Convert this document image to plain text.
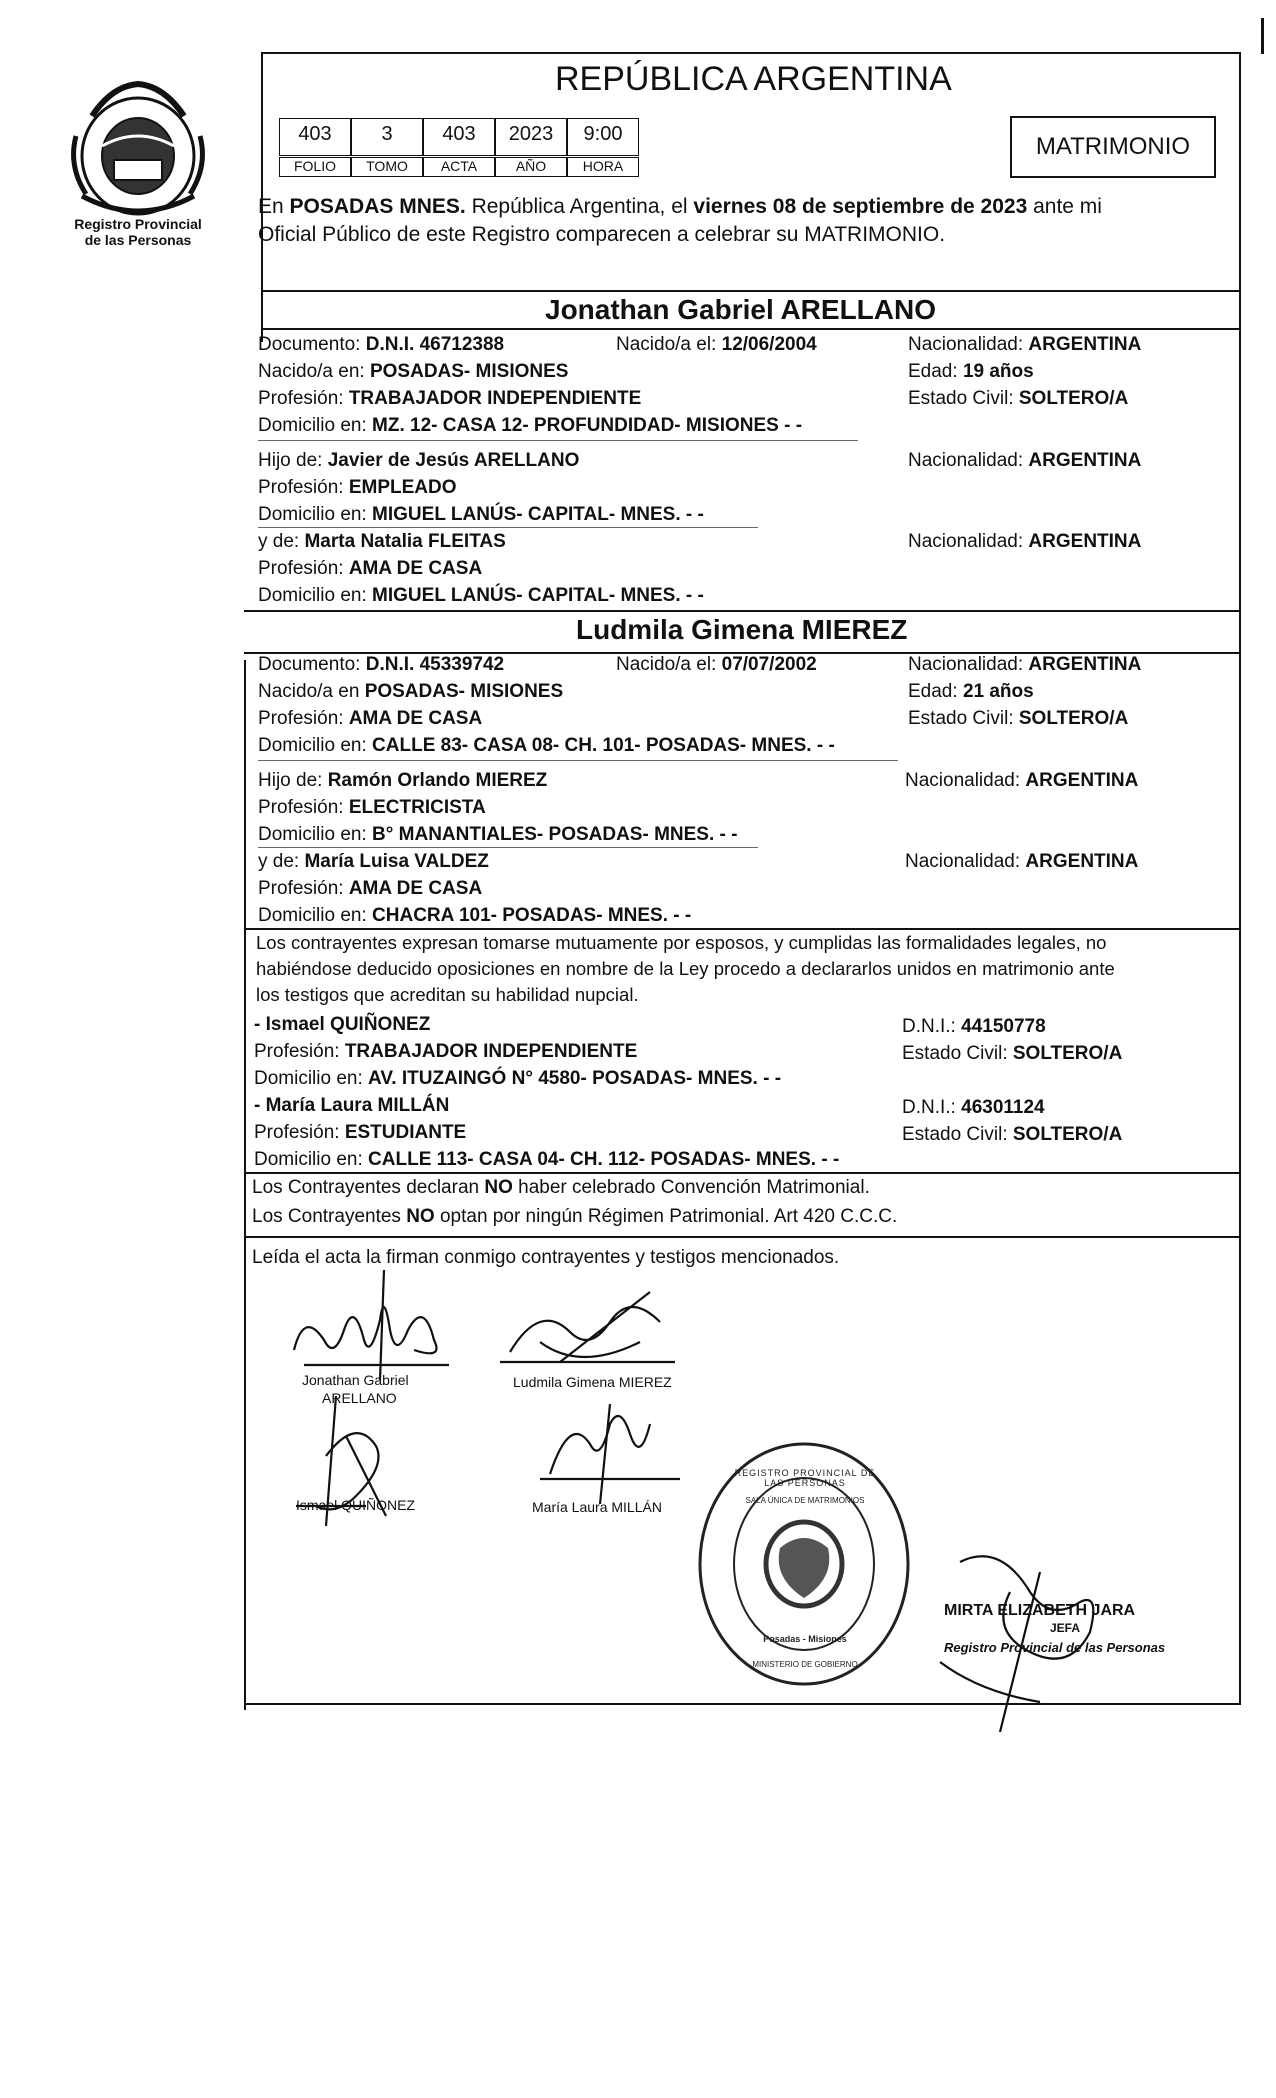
Registro Provincial
de las Personas
REPÚBLICA ARGENTINA
403	3	403	2023	9:00
FOLIO	TOMO	ACTA	AÑO	HORA
MATRIMONIO
En POSADAS MNES. República Argentina, el viernes 08 de septiembre de 2023 ante mi
Oficial Público de este Registro comparecen a celebrar su MATRIMONIO.
Jonathan Gabriel ARELLANO
Documento: D.N.I. 46712388	Nacido/a el: 12/06/2004	Nacionalidad: ARGENTINA
Nacido/a en: POSADAS- MISIONES	Edad: 19 años
Profesión: TRABAJADOR INDEPENDIENTE	Estado Civil: SOLTERO/A
Domicilio en: MZ. 12- CASA 12- PROFUNDIDAD- MISIONES - -
Hijo de: Javier de Jesús ARELLANO	Nacionalidad: ARGENTINA
Profesión: EMPLEADO
Domicilio en: MIGUEL LANÚS- CAPITAL- MNES. - -
y de: Marta Natalia FLEITAS	Nacionalidad: ARGENTINA
Profesión: AMA DE CASA
Domicilio en: MIGUEL LANÚS- CAPITAL- MNES. - -
Ludmila Gimena MIEREZ
Documento: D.N.I. 45339742	Nacido/a el: 07/07/2002	Nacionalidad: ARGENTINA
Nacido/a en POSADAS- MISIONES	Edad: 21 años
Profesión: AMA DE CASA	Estado Civil: SOLTERO/A
Domicilio en: CALLE 83- CASA 08- CH. 101- POSADAS- MNES. - -
Hijo de: Ramón Orlando MIEREZ	Nacionalidad: ARGENTINA
Profesión: ELECTRICISTA
Domicilio en: B° MANANTIALES- POSADAS- MNES. - -
y de: María Luisa VALDEZ	Nacionalidad: ARGENTINA
Profesión: AMA DE CASA
Domicilio en: CHACRA 101- POSADAS- MNES. - -
Los contrayentes expresan tomarse mutuamente por esposos, y cumplidas las formalidades legales, no
habiéndose deducido oposiciones en nombre de la Ley procedo a declararlos unidos en matrimonio ante
los testigos que acreditan su habilidad nupcial.
- Ismael QUIÑONEZ	D.N.I.: 44150778
Profesión: TRABAJADOR INDEPENDIENTE	Estado Civil: SOLTERO/A
Domicilio en: AV. ITUZAINGÓ N° 4580- POSADAS- MNES. - -
- María Laura MILLÁN	D.N.I.: 46301124
Profesión: ESTUDIANTE	Estado Civil: SOLTERO/A
Domicilio en: CALLE 113- CASA 04- CH. 112- POSADAS- MNES. - -
Los Contrayentes declaran NO haber celebrado Convención Matrimonial.
Los Contrayentes NO optan por ningún Régimen Patrimonial. Art 420 C.C.C.
Leída el acta la firman conmigo contrayentes y testigos mencionados.
Jonathan Gabriel
ARELLANO
Ludmila Gimena MIEREZ
Ismael QUIÑONEZ	María Laura MILLÁN
REGISTRO PROVINCIAL DE LAS PERSONAS
SALA ÚNICA DE MATRIMONIOS
Posadas - Misiones
MINISTERIO DE GOBIERNO
MIRTA ELIZABETH JARA
JEFA
Registro Provincial de las Personas
